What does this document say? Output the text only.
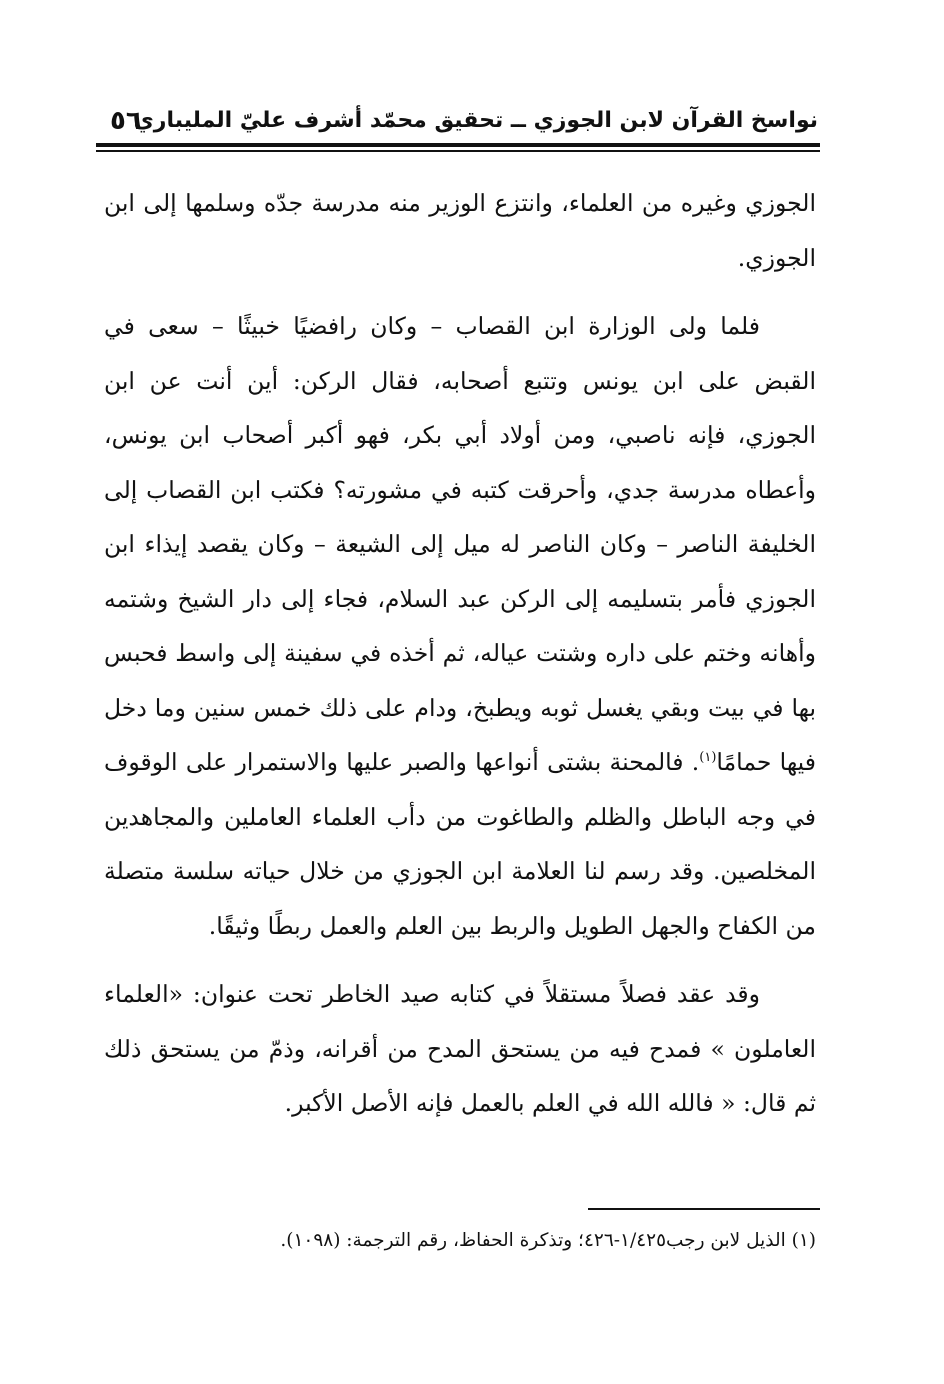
نواسخ القرآن لابن الجوزي ــ تحقيق محمّد أشرف عليّ المليباري
٥٦

الجوزي وغيره من العلماء، وانتزع الوزير منه مدرسة جدّه وسلمها إلى ابن الجوزي.

فلما ولى الوزارة ابن القصاب – وكان رافضيًا خبيثًا – سعى في القبض على ابن يونس وتتبع أصحابه، فقال الركن: أين أنت عن ابن الجوزي، فإنه ناصبي، ومن أولاد أبي بكر، فهو أكبر أصحاب ابن يونس، وأعطاه مدرسة جدي، وأحرقت كتبه في مشورته؟ فكتب ابن القصاب إلى الخليفة الناصر – وكان الناصر له ميل إلى الشيعة – وكان يقصد إيذاء ابن الجوزي فأمر بتسليمه إلى الركن عبد السلام، فجاء إلى دار الشيخ وشتمه وأهانه وختم على داره وشتت عياله، ثم أخذه في سفينة إلى واسط فحبس بها في بيت وبقي يغسل ثوبه ويطبخ، ودام على ذلك خمس سنين وما دخل فيها حمامًا$^{(١)}$. فالمحنة بشتى أنواعها والصبر عليها والاستمرار على الوقوف في وجه الباطل والظلم والطاغوت من دأب العلماء العاملين والمجاهدين المخلصين. وقد رسم لنا العلامة ابن الجوزي من خلال حياته سلسة متصلة من الكفاح والجهل الطويل والربط بين العلم والعمل ربطًا وثيقًا.

وقد عقد فصلاً مستقلاً في كتابه صيد الخاطر تحت عنوان: «العلماء العاملون » فمدح فيه من يستحق المدح من أقرانه، وذمّ من يستحق ذلك ثم قال: « فالله الله في العلم بالعمل فإنه الأصل الأكبر.

(١) الذيل لابن رجب١/٤٢٥-٤٢٦؛ وتذكرة الحفاظ، رقم الترجمة: (١٠٩٨).
